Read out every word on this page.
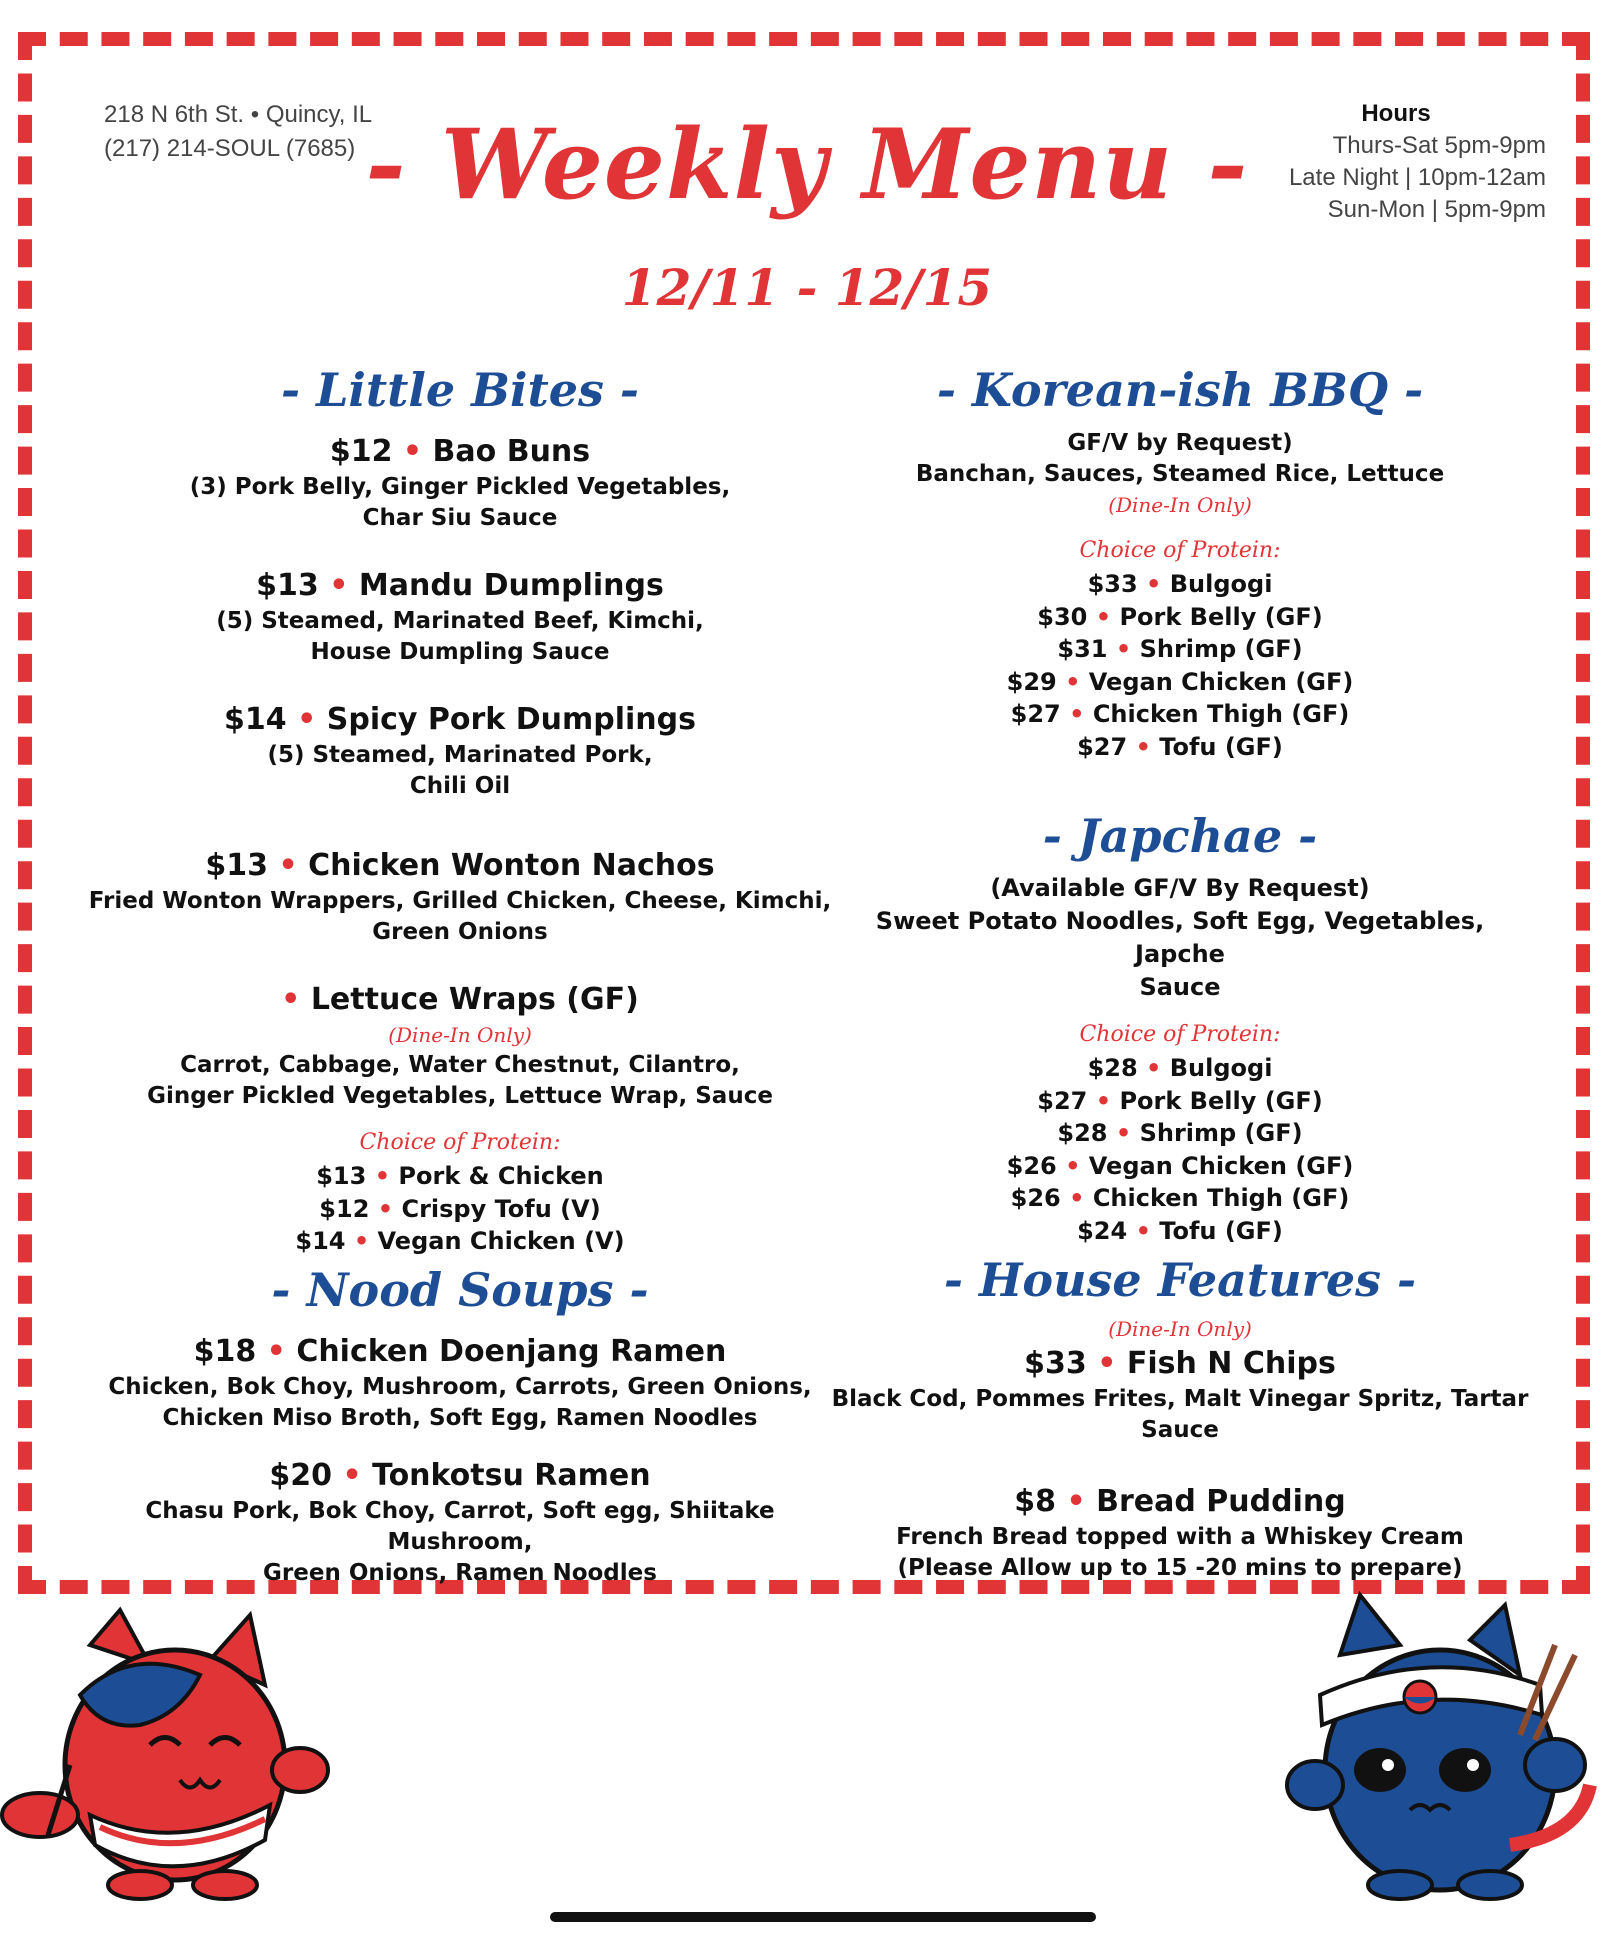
218 N 6th St. • Quincy, IL
(217) 214-SOUL (7685)
Hours
Thurs-Sat 5pm-9pm
Late Night | 10pm-12am
Sun-Mon | 5pm-9pm
- Weekly Menu -
12/11 - 12/15
- Little Bites -
$12 • Bao Buns
(3) Pork Belly, Ginger Pickled Vegetables,
Char Siu Sauce
$13 • Mandu Dumplings
(5) Steamed, Marinated Beef, Kimchi,
House Dumpling Sauce
$14 • Spicy Pork Dumplings
(5) Steamed, Marinated Pork,
Chili Oil
$13 • Chicken Wonton Nachos
Fried Wonton Wrappers, Grilled Chicken, Cheese, Kimchi,
Green Onions
• Lettuce Wraps (GF)
(Dine-In Only)
Carrot, Cabbage, Water Chestnut, Cilantro,
Ginger Pickled Vegetables, Lettuce Wrap, Sauce
Choice of Protein:
$13 • Pork & Chicken
$12 • Crispy Tofu (V)
$14 • Vegan Chicken (V)
- Nood Soups -
$18 • Chicken Doenjang Ramen
Chicken, Bok Choy, Mushroom, Carrots, Green Onions,
Chicken Miso Broth, Soft Egg, Ramen Noodles
$20 • Tonkotsu Ramen
Chasu Pork, Bok Choy, Carrot, Soft egg, Shiitake Mushroom,
Green Onions, Ramen Noodles
- Korean-ish BBQ -
GF/V by Request)
Banchan, Sauces, Steamed Rice, Lettuce
(Dine-In Only)
Choice of Protein:
$33 • Bulgogi
$30 • Pork Belly (GF)
$31 • Shrimp (GF)
$29 • Vegan Chicken (GF)
$27 • Chicken Thigh (GF)
$27 • Tofu (GF)
- Japchae -
(Available GF/V By Request)
Sweet Potato Noodles, Soft Egg, Vegetables, Japche
Sauce
Choice of Protein:
$28 • Bulgogi
$27 • Pork Belly (GF)
$28 • Shrimp (GF)
$26 • Vegan Chicken (GF)
$26 • Chicken Thigh (GF)
$24 • Tofu (GF)
- House Features -
(Dine-In Only)
$33 • Fish N Chips
Black Cod, Pommes Frites, Malt Vinegar Spritz, Tartar
Sauce
$8 • Bread Pudding
French Bread topped with a Whiskey Cream
(Please Allow up to 15 -20 mins to prepare)
